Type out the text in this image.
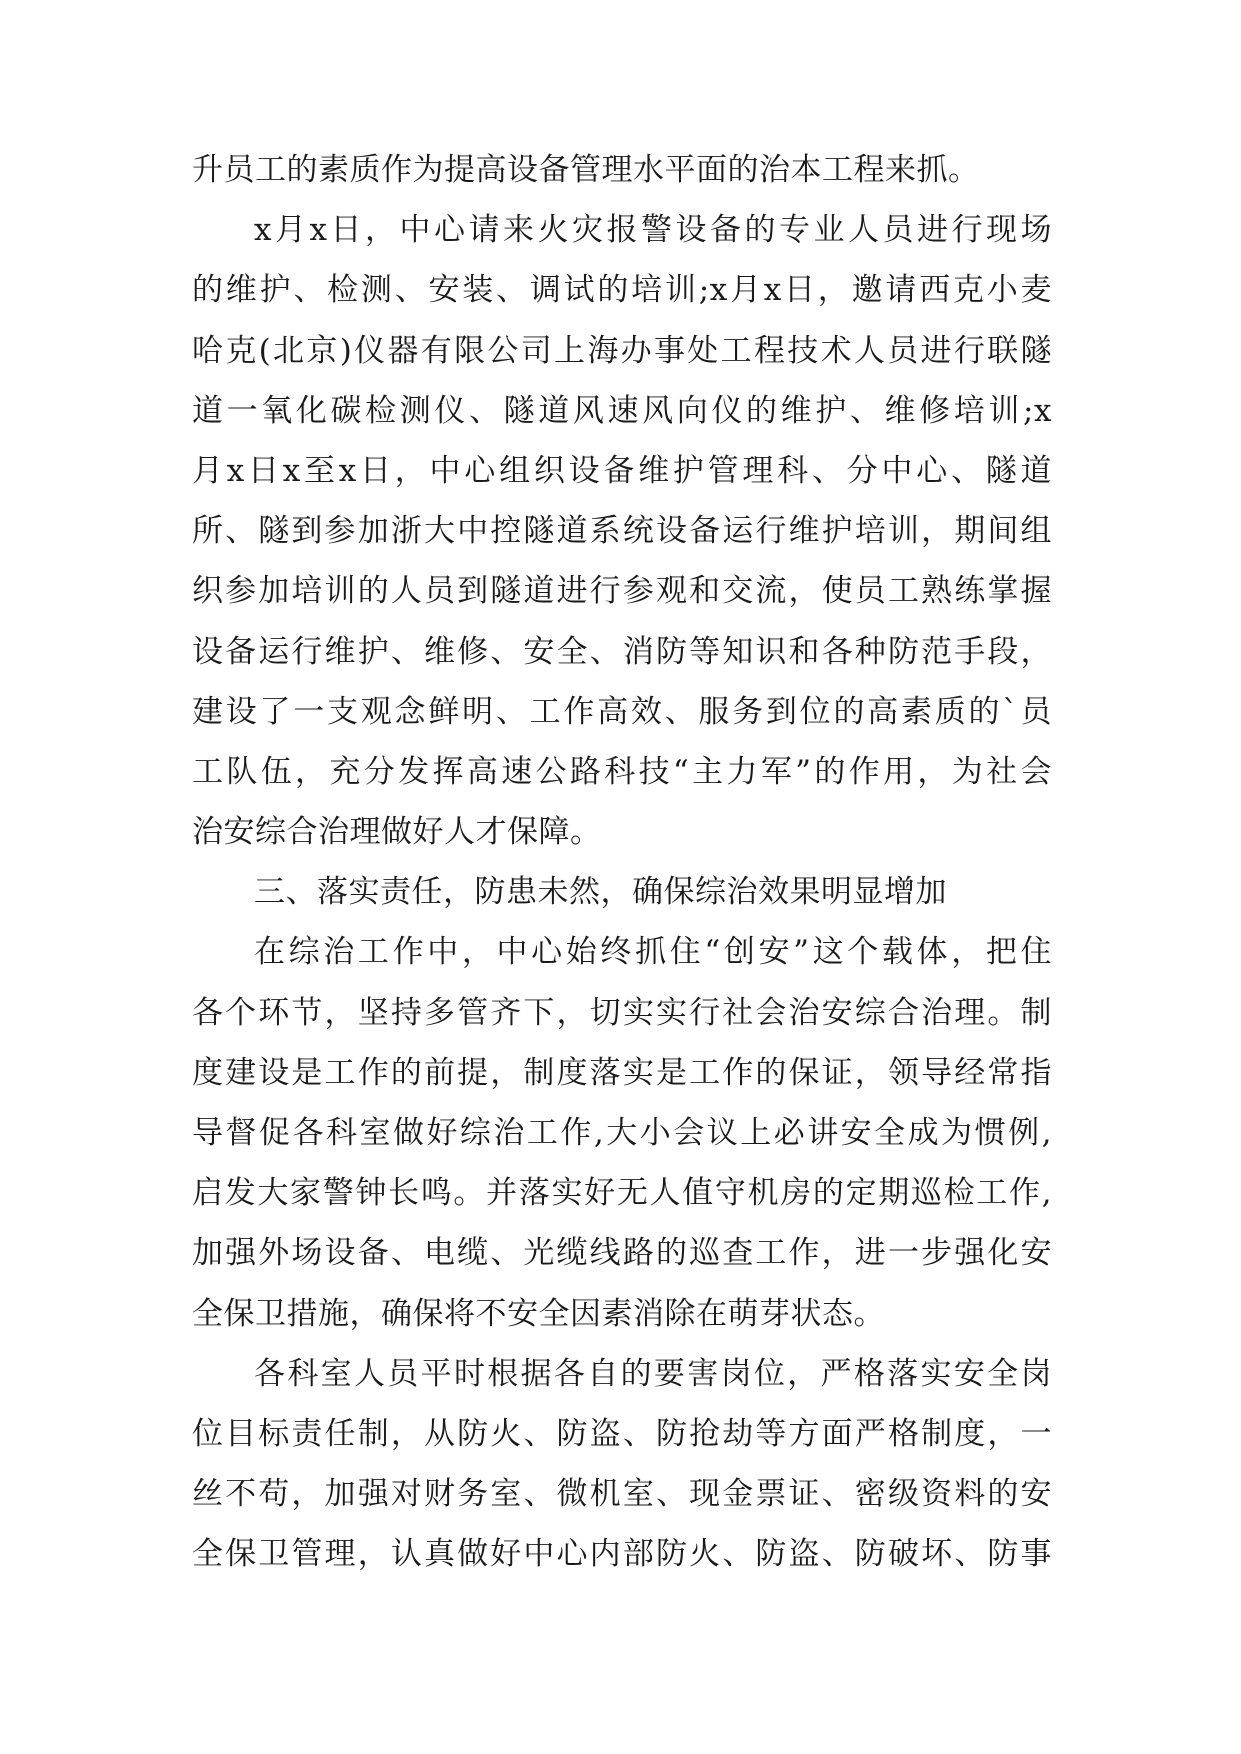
升员工的素质作为提高设备管理水平面的治本工程来抓。
x月x日，中心请来火灾报警设备的专业人员进行现场
的维护、检测、安装、调试的培训;x月x日，邀请西克小麦
哈克(北京)仪器有限公司上海办事处工程技术人员进行联隧
道一氧化碳检测仪、隧道风速风向仪的维护、维修培训;x
月x日x至x日，中心组织设备维护管理科、分中心、隧道
所、隧到参加浙大中控隧道系统设备运行维护培训，期间组
织参加培训的人员到隧道进行参观和交流，使员工熟练掌握
设备运行维护、维修、安全、消防等知识和各种防范手段，
建设了一支观念鲜明、工作高效、服务到位的高素质的`员
工队伍，充分发挥高速公路科技“主力军”的作用，为社会
治安综合治理做好人才保障。
三、落实责任，防患未然，确保综治效果明显增加
在综治工作中，中心始终抓住“创安”这个载体，把住
各个环节，坚持多管齐下，切实实行社会治安综合治理。制
度建设是工作的前提，制度落实是工作的保证，领导经常指
导督促各科室做好综治工作,大小会议上必讲安全成为惯例,
启发大家警钟长鸣。并落实好无人值守机房的定期巡检工作,
加强外场设备、电缆、光缆线路的巡查工作，进一步强化安
全保卫措施，确保将不安全因素消除在萌芽状态。
各科室人员平时根据各自的要害岗位，严格落实安全岗
位目标责任制，从防火、防盗、防抢劫等方面严格制度，一
丝不苟，加强对财务室、微机室、现金票证、密级资料的安
全保卫管理，认真做好中心内部防火、防盗、防破坏、防事
